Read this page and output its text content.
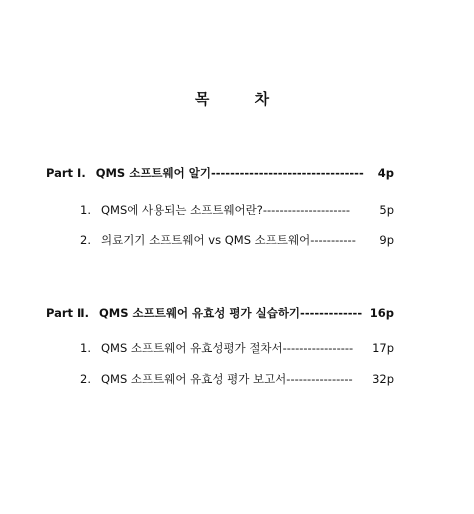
목 차
Part Ⅰ. QMS 소프트웨어 알기-------------------------------- 4p
1. QMS에 사용되는 소프트웨어란?---------------------	5p
2. 의료기기 소프트웨어 vs QMS 소프트웨어----------- 9p
Part Ⅱ. QMS 소프트웨어 유효성 평가 실습하기------------- 16p
1. QMS 소프트웨어 유효성평가 절차서----------------- 17p
2. QMS 소프트웨어 유효성 평가 보고서---------------- 32p
